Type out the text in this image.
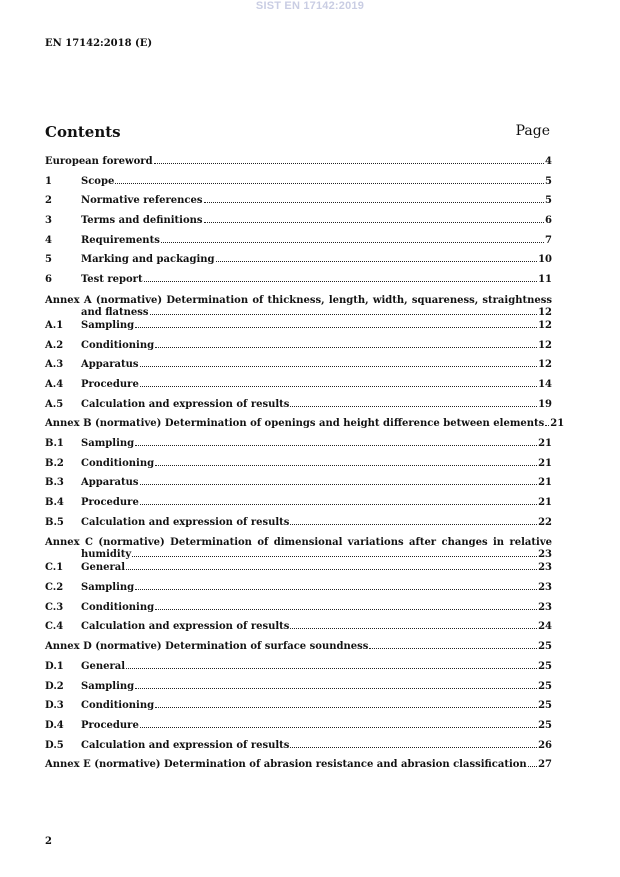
SIST EN 17142:2019
EN 17142:2018 (E)
Contents	Page
European foreword	4
1	Scope	5
2	Normative references	5
3	Terms and definitions	6
4	Requirements	7
5	Marking and packaging	10
6	Test report	11
Annex A (normative) Determination of thickness, length, width, squareness, straightness
and flatness	12
A.1	Sampling	12
A.2	Conditioning	12
A.3	Apparatus	12
A.4	Procedure	14
A.5	Calculation and expression of results	19
Annex B (normative) Determination of openings and height difference between elements 21
B.1	Sampling	21
B.2	Conditioning	21
B.3	Apparatus	21
B.4	Procedure	21
B.5	Calculation and expression of results	22
Annex C (normative) Determination of dimensional variations after changes in relative
humidity	23
C.1	General	23
C.2	Sampling	23
C.3	Conditioning	23
C.4	Calculation and expression of results	24
Annex D (normative) Determination of surface soundness	25
D.1	General	25
D.2	Sampling	25
D.3	Conditioning	25
D.4	Procedure	25
D.5	Calculation and expression of results	26
Annex E (normative) Determination of abrasion resistance and abrasion classification 27
2
